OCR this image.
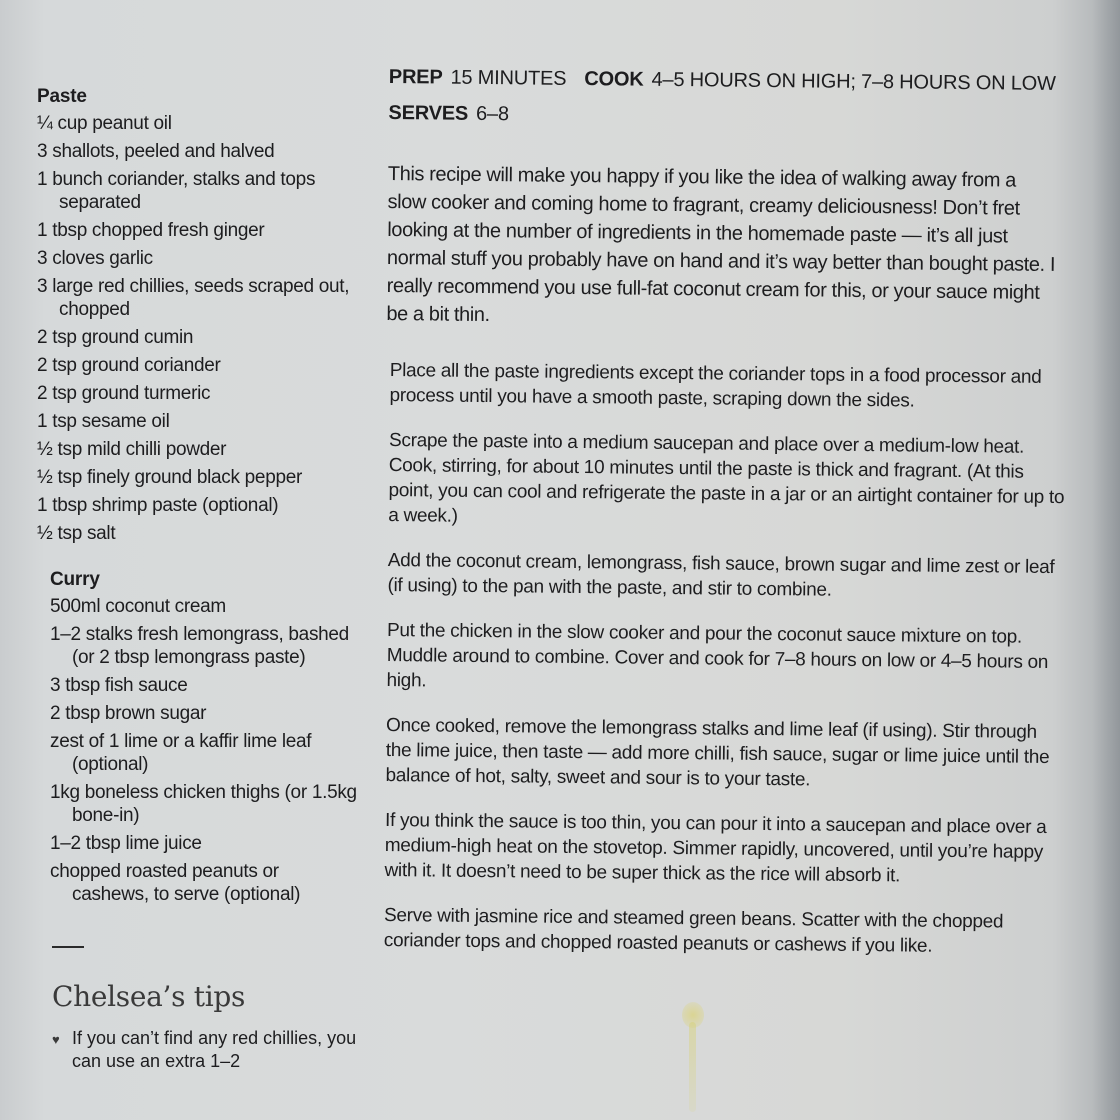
Paste
¼ cup peanut oil
3 shallots, peeled and halved
1 bunch coriander, stalks and tops separated
1 tbsp chopped fresh ginger
3 cloves garlic
3 large red chillies, seeds scraped out, chopped
2 tsp ground cumin
2 tsp ground coriander
2 tsp ground turmeric
1 tsp sesame oil
½ tsp mild chilli powder
½ tsp finely ground black pepper
1 tbsp shrimp paste (optional)
½ tsp salt
Curry
500ml coconut cream
1–2 stalks fresh lemongrass, bashed (or 2 tbsp lemongrass paste)
3 tbsp fish sauce
2 tbsp brown sugar
zest of 1 lime or a kaffir lime leaf (optional)
1kg boneless chicken thighs (or 1.5kg bone-in)
1–2 tbsp lime juice
chopped roasted peanuts or cashews, to serve (optional)
Chelsea’s tips
♥ If you can’t find any red chillies, you can use an extra 1–2

PREP 15 MINUTES COOK 4–5 HOURS ON HIGH; 7–8 HOURS ON LOW

SERVES 6–8

This recipe will make you happy if you like the idea of walking away from a slow cooker and coming home to fragrant, creamy deliciousness! Don’t fret looking at the number of ingredients in the homemade paste — it’s all just normal stuff you probably have on hand and it’s way better than bought paste. I really recommend you use full-fat coconut cream for this, or your sauce might be a bit thin.

Place all the paste ingredients except the coriander tops in a food processor and process until you have a smooth paste, scraping down the sides.

Scrape the paste into a medium saucepan and place over a medium-low heat. Cook, stirring, for about 10 minutes until the paste is thick and fragrant. (At this point, you can cool and refrigerate the paste in a jar or an airtight container for up to a week.)

Add the coconut cream, lemongrass, fish sauce, brown sugar and lime zest or leaf (if using) to the pan with the paste, and stir to combine.

Put the chicken in the slow cooker and pour the coconut sauce mixture on top. Muddle around to combine. Cover and cook for 7–8 hours on low or 4–5 hours on high.

Once cooked, remove the lemongrass stalks and lime leaf (if using). Stir through the lime juice, then taste — add more chilli, fish sauce, sugar or lime juice until the balance of hot, salty, sweet and sour is to your taste.

If you think the sauce is too thin, you can pour it into a saucepan and place over a medium-high heat on the stovetop. Simmer rapidly, uncovered, until you’re happy with it. It doesn’t need to be super thick as the rice will absorb it.

Serve with jasmine rice and steamed green beans. Scatter with the chopped coriander tops and chopped roasted peanuts or cashews if you like.
